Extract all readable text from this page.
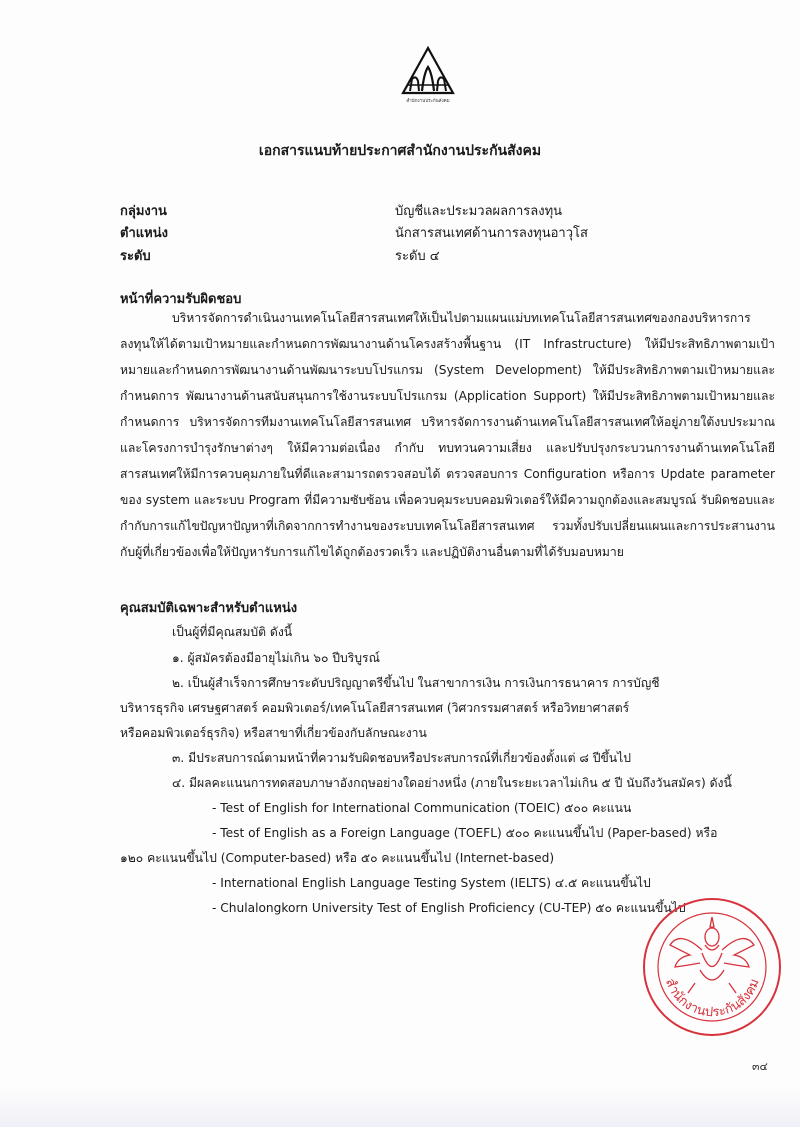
สำนักงานประกันสังคม
เอกสารแนบท้ายประกาศสำนักงานประกันสังคม
กลุ่มงาน	บัญชีและประมวลผลการลงทุน
ตำแหน่ง	นักสารสนเทศด้านการลงทุนอาวุโส
ระดับ	ระดับ ๔
หน้าที่ความรับผิดชอบ
บริหารจัดการดำเนินงานเทคโนโลยีสารสนเทศให้เป็นไปตามแผนแม่บทเทคโนโลยีสารสนเทศของกองบริหารการลงทุนให้ได้ตามเป้าหมายและกำหนดการพัฒนางานด้านโครงสร้างพื้นฐาน (IT Infrastructure) ให้มีประสิทธิภาพตามเป้าหมายและกำหนดการพัฒนางานด้านพัฒนาระบบโปรแกรม (System Development) ให้มีประสิทธิภาพตามเป้าหมายและกำหนดการ พัฒนางานด้านสนับสนุนการใช้งานระบบโปรแกรม (Application Support) ให้มีประสิทธิภาพตามเป้าหมายและกำหนดการ บริหารจัดการทีมงานเทคโนโลยีสารสนเทศ บริหารจัดการงานด้านเทคโนโลยีสารสนเทศให้อยู่ภายใต้งบประมาณ และโครงการบำรุงรักษาต่างๆ ให้มีความต่อเนื่อง กำกับ ทบทวนความเสี่ยง และปรับปรุงกระบวนการงานด้านเทคโนโลยีสารสนเทศให้มีการควบคุมภายในที่ดีและสามารถตรวจสอบได้ ตรวจสอบการ Configuration หรือการ Update parameter ของ system และระบบ Program ที่มีความซับซ้อน เพื่อควบคุมระบบคอมพิวเตอร์ให้มีความถูกต้องและสมบูรณ์ รับผิดชอบและกำกับการแก้ไขปัญหาปัญหาที่เกิดจากการทำงานของระบบเทคโนโลยีสารสนเทศ รวมทั้งปรับเปลี่ยนแผนและการประสานงานกับผู้ที่เกี่ยวข้องเพื่อให้ปัญหารับการแก้ไขได้ถูกต้องรวดเร็ว และปฏิบัติงานอื่นตามที่ได้รับมอบหมาย
คุณสมบัติเฉพาะสำหรับตำแหน่ง
เป็นผู้ที่มีคุณสมบัติ ดังนี้
๑. ผู้สมัครต้องมีอายุไม่เกิน ๖๐ ปีบริบูรณ์
๒. เป็นผู้สำเร็จการศึกษาระดับปริญญาตรีขึ้นไป ในสาขาการเงิน การเงินการธนาคาร การบัญชี
บริหารธุรกิจ เศรษฐศาสตร์ คอมพิวเตอร์/เทคโนโลยีสารสนเทศ (วิศวกรรมศาสตร์ หรือวิทยาศาสตร์
หรือคอมพิวเตอร์ธุรกิจ) หรือสาขาที่เกี่ยวข้องกับลักษณะงาน
๓. มีประสบการณ์ตามหน้าที่ความรับผิดชอบหรือประสบการณ์ที่เกี่ยวข้องตั้งแต่ ๘ ปีขึ้นไป
๔. มีผลคะแนนการทดสอบภาษาอังกฤษอย่างใดอย่างหนึ่ง (ภายในระยะเวลาไม่เกิน ๕ ปี นับถึงวันสมัคร) ดังนี้
- Test of English for International Communication (TOEIC) ๕๐๐ คะแนน
- Test of English as a Foreign Language (TOEFL) ๕๐๐ คะแนนขึ้นไป (Paper-based) หรือ
๑๒๐ คะแนนขึ้นไป (Computer-based) หรือ ๕๐ คะแนนขึ้นไป (Internet-based)
- International English Language Testing System (IELTS) ๔.๕ คะแนนขึ้นไป
- Chulalongkorn University Test of English Proficiency (CU-TEP) ๕๐ คะแนนขึ้นไป
สำนักงานประกันสังคม
๓๔
